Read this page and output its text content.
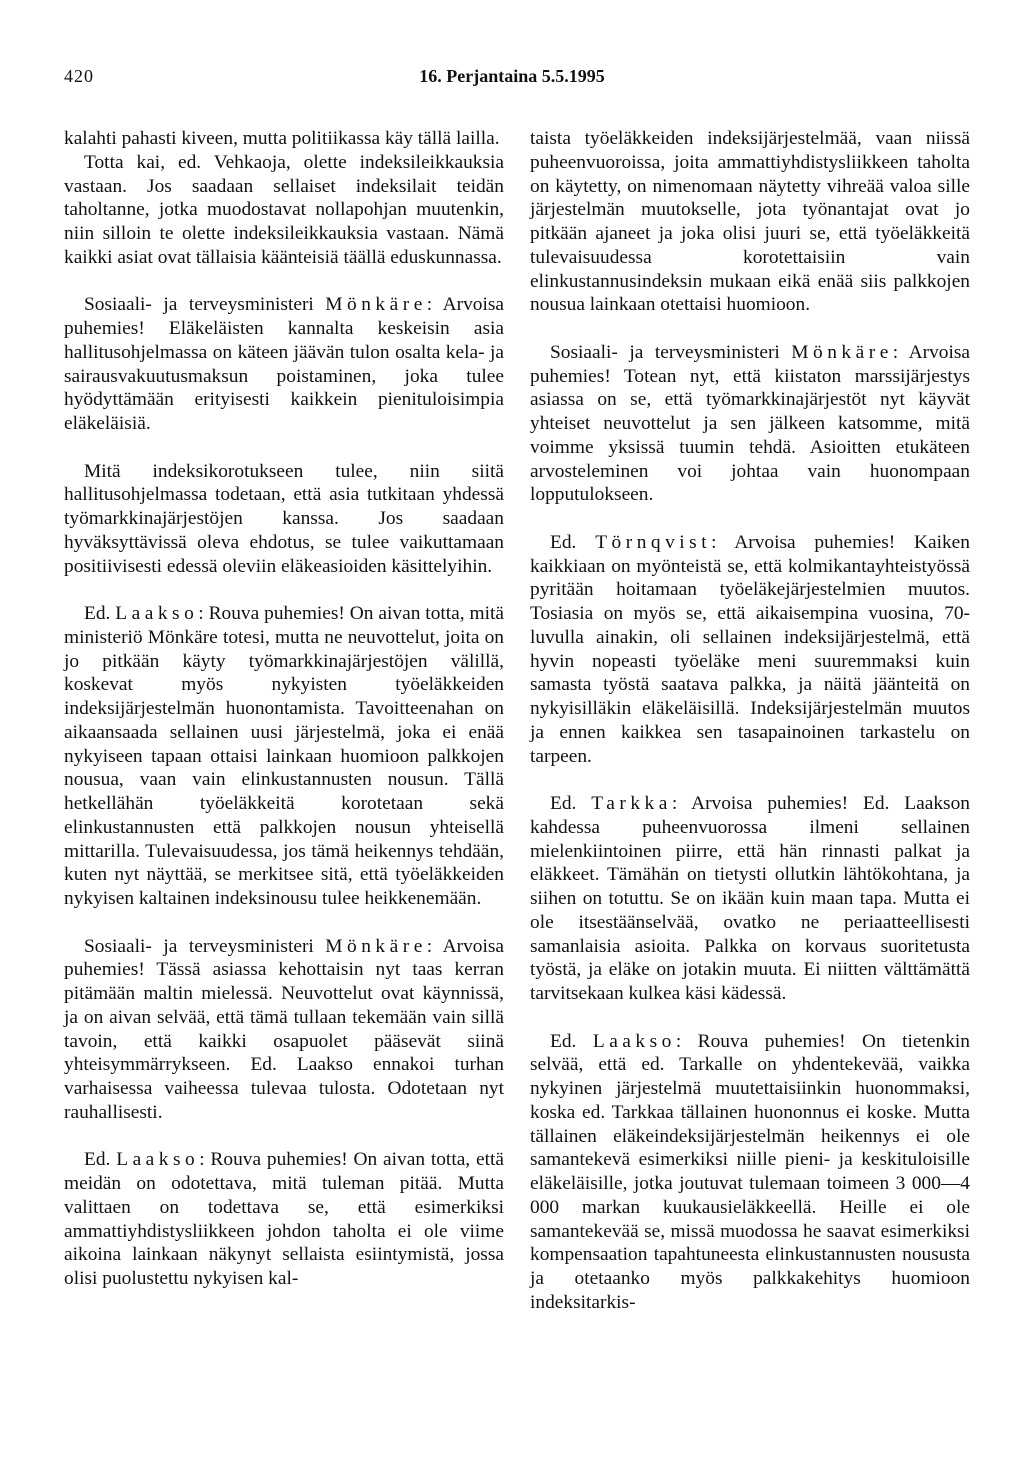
420	16. Perjantaina 5.5.1995

kalahti pahasti kiveen, mutta politiikassa käy tällä lailla.

Totta kai, ed. Vehkaoja, olette indeksileikkauksia vastaan. Jos saadaan sellaiset indeksilait teidän taholtanne, jotka muodostavat nollapohjan muutenkin, niin silloin te olette indeksileikkauksia vastaan. Nämä kaikki asiat ovat tällaisia käänteisiä täällä eduskunnassa.

Sosiaali- ja terveysministeri Mönkäre: Arvoisa puhemies! Eläkeläisten kannalta keskeisin asia hallitusohjelmassa on käteen jäävän tulon osalta kela- ja sairausvakuutusmaksun poistaminen, joka tulee hyödyttämään erityisesti kaikkein pienituloisimpia eläkeläisiä.

Mitä indeksikorotukseen tulee, niin siitä hallitusohjelmassa todetaan, että asia tutkitaan yhdessä työmarkkinajärjestöjen kanssa. Jos saadaan hyväksyttävissä oleva ehdotus, se tulee vaikuttamaan positiivisesti edessä oleviin eläkeasioiden käsittelyihin.

Ed. Laakso: Rouva puhemies! On aivan totta, mitä ministeriö Mönkäre totesi, mutta ne neuvottelut, joita on jo pitkään käyty työmarkkinajärjestöjen välillä, koskevat myös nykyisten työeläkkeiden indeksijärjestelmän huonontamista. Tavoitteenahan on aikaansaada sellainen uusi järjestelmä, joka ei enää nykyiseen tapaan ottaisi lainkaan huomioon palkkojen nousua, vaan vain elinkustannusten nousun. Tällä hetkellähän työeläkkeitä korotetaan sekä elinkustannusten että palkkojen nousun yhteisellä mittarilla. Tulevaisuudessa, jos tämä heikennys tehdään, kuten nyt näyttää, se merkitsee sitä, että työeläkkeiden nykyisen kaltainen indeksinousu tulee heikkenemään.

Sosiaali- ja terveysministeri Mönkäre: Arvoisa puhemies! Tässä asiassa kehottaisin nyt taas kerran pitämään maltin mielessä. Neuvottelut ovat käynnissä, ja on aivan selvää, että tämä tullaan tekemään vain sillä tavoin, että kaikki osapuolet pääsevät siinä yhteisymmärrykseen. Ed. Laakso ennakoi turhan varhaisessa vaiheessa tulevaa tulosta. Odotetaan nyt rauhallisesti.

Ed. Laakso: Rouva puhemies! On aivan totta, että meidän on odotettava, mitä tuleman pitää. Mutta valittaen on todettava se, että esimerkiksi ammattiyhdistysliikkeen johdon taholta ei ole viime aikoina lainkaan näkynyt sellaista esiintymistä, jossa olisi puolustettu nykyisen kal-

taista työeläkkeiden indeksijärjestelmää, vaan niissä puheenvuoroissa, joita ammattiyhdistysliikkeen taholta on käytetty, on nimenomaan näytetty vihreää valoa sille järjestelmän muutokselle, jota työnantajat ovat jo pitkään ajaneet ja joka olisi juuri se, että työeläkkeitä tulevaisuudessa korotettaisiin vain elinkustannusindeksin mukaan eikä enää siis palkkojen nousua lainkaan otettaisi huomioon.

Sosiaali- ja terveysministeri Mönkäre: Arvoisa puhemies! Totean nyt, että kiistaton marssijärjestys asiassa on se, että työmarkkinajärjestöt nyt käyvät yhteiset neuvottelut ja sen jälkeen katsomme, mitä voimme yksissä tuumin tehdä. Asioitten etukäteen arvosteleminen voi johtaa vain huonompaan lopputulokseen.

Ed. Törnqvist: Arvoisa puhemies! Kaiken kaikkiaan on myönteistä se, että kolmikantayhteistyössä pyritään hoitamaan työeläkejärjestelmien muutos. Tosiasia on myös se, että aikaisempina vuosina, 70-luvulla ainakin, oli sellainen indeksijärjestelmä, että hyvin nopeasti työeläke meni suuremmaksi kuin samasta työstä saatava palkka, ja näitä jäänteitä on nykyisilläkin eläkeläisillä. Indeksijärjestelmän muutos ja ennen kaikkea sen tasapainoinen tarkastelu on tarpeen.

Ed. Tarkka: Arvoisa puhemies! Ed. Laakson kahdessa puheenvuorossa ilmeni sellainen mielenkiintoinen piirre, että hän rinnasti palkat ja eläkkeet. Tämähän on tietysti ollutkin lähtökohtana, ja siihen on totuttu. Se on ikään kuin maan tapa. Mutta ei ole itsestäänselvää, ovatko ne periaatteellisesti samanlaisia asioita. Palkka on korvaus suoritetusta työstä, ja eläke on jotakin muuta. Ei niitten välttämättä tarvitsekaan kulkea käsi kädessä.

Ed. Laakso: Rouva puhemies! On tietenkin selvää, että ed. Tarkalle on yhdentekevää, vaikka nykyinen järjestelmä muutettaisiinkin huonommaksi, koska ed. Tarkkaa tällainen huononnus ei koske. Mutta tällainen eläkeindeksijärjestelmän heikennys ei ole samantekevä esimerkiksi niille pieni- ja keskituloisille eläkeläisille, jotka joutuvat tulemaan toimeen 3 000—4 000 markan kuukausieläkkeellä. Heille ei ole samantekevää se, missä muodossa he saavat esimerkiksi kompensaation tapahtuneesta elinkustannusten noususta ja otetaanko myös palkkakehitys huomioon indeksitarkis-
